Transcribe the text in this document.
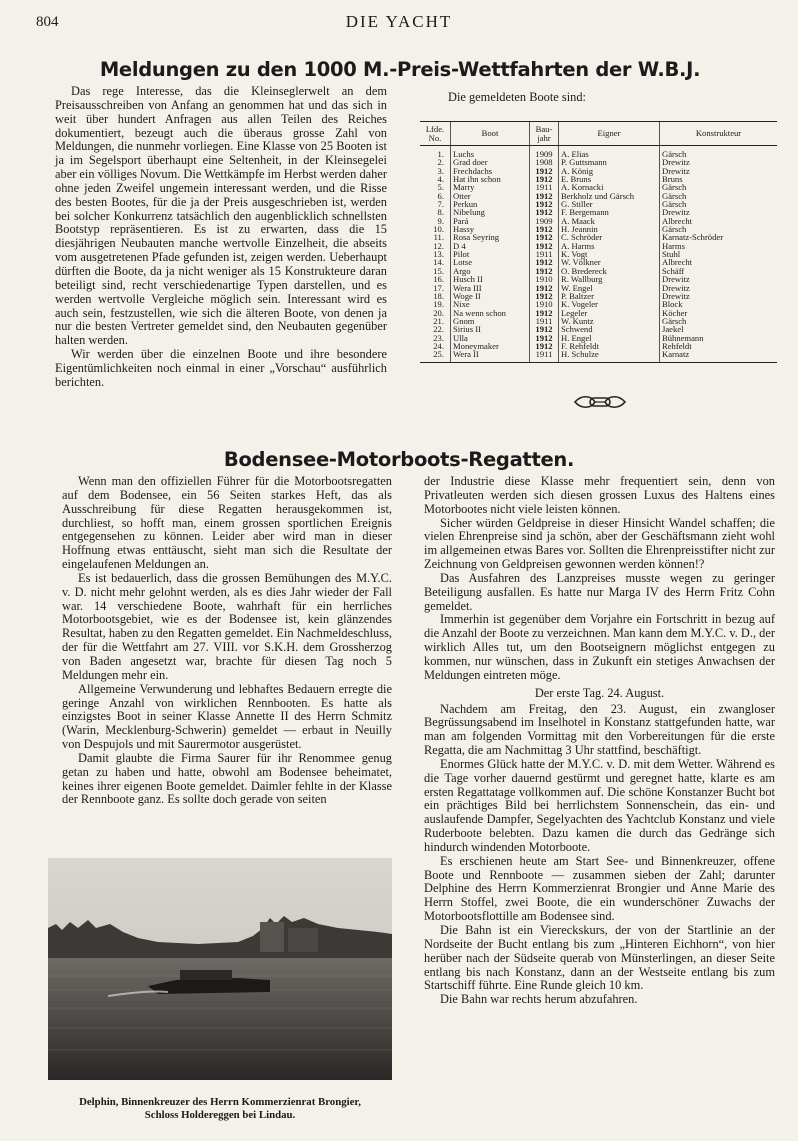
804	DIE YACHT
Meldungen zu den 1000 M.-Preis-Wettfahrten der W.B.J.

Das rege Interesse, das die Kleinseglerwelt an dem Preisausschreiben von Anfang an genommen hat und das sich in weit über hundert Anfragen aus allen Teilen des Reiches dokumentiert, bezeugt auch die überaus grosse Zahl von Meldungen, die nunmehr vorliegen. Eine Klasse von 25 Booten ist ja im Segelsport überhaupt eine Seltenheit, in der Kleinsegelei aber ein völliges Novum. Die Wettkämpfe im Herbst werden daher ohne jeden Zweifel ungemein interessant werden, und die Risse des besten Bootes, für die ja der Preis ausgeschrieben ist, werden bei solcher Konkurrenz tatsächlich den augenblicklich schnellsten Bootstyp repräsentieren. Es ist zu erwarten, dass die 15 diesjährigen Neubauten manche wertvolle Einzelheit, die abseits vom ausgetretenen Pfade gefunden ist, zeigen werden. Ueberhaupt dürften die Boote, da ja nicht weniger als 15 Konstrukteure daran beteiligt sind, recht verschiedenartige Typen darstellen, und es werden wertvolle Vergleiche möglich sein. Interessant wird es auch sein, festzustellen, wie sich die älteren Boote, von denen ja nur die besten Vertreter gemeldet sind, den Neubauten gegenüber halten werden.

Wir werden über die einzelnen Boote und ihre besondere Eigentümlichkeiten noch einmal in einer „Vorschau“ ausführlich berichten.

Die gemeldeten Boote sind:
Lfde. No.	Boot	Bau-jahr	Eigner	Konstrukteur
1.	Luchs	1909	A. Elias	Gärsch
2.	Grad doer	1908	P. Guttsmann	Drewitz
3.	Frechdachs	1912	A. König	Drewitz
4.	Hat ihn schon	1912	E. Bruns	Bruns
5.	Marry	1911	A. Kornacki	Gärsch
6.	Otter	1912	Berkholz und Gärsch	Gärsch
7.	Perkun	1912	G. Stiller	Gärsch
8.	Nibelung	1912	F. Bergemann	Drewitz
9.	Pará	1909	A. Maack	Albrecht
10.	Hassy	1912	H. Jeannin	Gärsch
11.	Rosa Seyring	1912	C. Schröder	Karnatz-Schröder
12.	D 4	1912	A. Harms	Harms
13.	Pilot	1911	K. Vogt	Stuhl
14.	Lotse	1912	W. Völkner	Albrecht
15.	Argo	1912	O. Bredereck	Schäff
16.	Husch II	1910	R. Wallburg	Drewitz
17.	Wera III	1912	W. Engel	Drewitz
18.	Woge II	1912	P. Baltzer	Drewitz
19.	Nixe	1910	K. Vogeler	Block
20.	Na wenn schon	1912	Legeler	Köcher
21.	Gnom	1911	W. Kuntz	Gärsch
22.	Sirius II	1912	Schwend	Jaekel
23.	Ulla	1912	H. Engel	Bühnemann
24.	Moneymaker	1912	F. Rehfeldt	Rehfeldt
25.	Wera II	1911	H. Schulze	Karnatz
Bodensee-Motorboots-Regatten.

Wenn man den offiziellen Führer für die Motorbootsregatten auf dem Bodensee, ein 56 Seiten starkes Heft, das als Ausschreibung für diese Regatten herausgekommen ist, durchliest, so hofft man, einem grossen sportlichen Ereignis entgegensehen zu können. Leider aber wird man in dieser Hoffnung etwas enttäuscht, sieht man sich die Resultate der eingelaufenen Meldungen an.

Es ist bedauerlich, dass die grossen Bemühungen des M.Y.C. v. D. nicht mehr gelohnt werden, als es dies Jahr wieder der Fall war. 14 verschiedene Boote, wahrhaft für ein herrliches Motorbootsgebiet, wie es der Bodensee ist, kein glänzendes Resultat, haben zu den Regatten gemeldet. Ein Nachmeldeschluss, der für die Wettfahrt am 27. VIII. vor S.K.H. dem Grossherzog von Baden angesetzt war, brachte für diesen Tag noch 5 Meldungen mehr ein.

Allgemeine Verwunderung und lebhaftes Bedauern erregte die geringe Anzahl von wirklichen Rennbooten. Es hatte als einzigstes Boot in seiner Klasse Annette II des Herrn Schmitz (Warin, Mecklenburg-Schwerin) gemeldet — erbaut in Neuilly von Despujols und mit Saurermotor ausgerüstet.

Damit glaubte die Firma Saurer für ihr Renommee genug getan zu haben und hatte, obwohl am Bodensee beheimatet, keines ihrer eigenen Boote gemeldet. Daimler fehlte in der Klasse der Rennboote ganz. Es sollte doch gerade von seiten

der Industrie diese Klasse mehr frequentiert sein, denn von Privatleuten werden sich diesen grossen Luxus des Haltens eines Motorbootes nicht viele leisten können.

Sicher würden Geldpreise in dieser Hinsicht Wandel schaffen; die vielen Ehrenpreise sind ja schön, aber der Geschäftsmann zieht wohl im allgemeinen etwas Bares vor. Sollten die Ehrenpreisstifter nicht zur Zeichnung von Geldpreisen gewonnen werden können!?

Das Ausfahren des Lanzpreises musste wegen zu geringer Beteiligung ausfallen. Es hatte nur Marga IV des Herrn Fritz Cohn gemeldet.

Immerhin ist gegenüber dem Vorjahre ein Fortschritt in bezug auf die Anzahl der Boote zu verzeichnen. Man kann dem M.Y.C. v. D., der wirklich Alles tut, um den Bootseignern möglichst entgegen zu kommen, nur wünschen, dass in Zukunft ein stetiges Anwachsen der Meldungen eintreten möge.

Der erste Tag. 24. August.

Nachdem am Freitag, den 23. August, ein zwangloser Begrüssungsabend im Inselhotel in Konstanz stattgefunden hatte, war man am folgenden Vormittag mit den Vorbereitungen für die erste Regatta, die am Nachmittag 3 Uhr stattfind, beschäftigt.

Enormes Glück hatte der M.Y.C. v. D. mit dem Wetter. Während es die Tage vorher dauernd gestürmt und geregnet hatte, klarte es am ersten Regattatage vollkommen auf. Die schöne Konstanzer Bucht bot ein prächtiges Bild bei herrlichstem Sonnenschein, das ein- und auslaufende Dampfer, Segelyachten des Yachtclub Konstanz und viele Ruderboote belebten. Dazu kamen die durch das Gedränge sich hindurch windenden Motorboote.

Es erschienen heute am Start See- und Binnenkreuzer, offene Boote und Rennboote — zusammen sieben der Zahl; darunter Delphine des Herrn Kommerzienrat Brongier und Anne Marie des Herrn Stoffel, zwei Boote, die ein wunderschöner Zuwachs der Motorbootsflottille am Bodensee sind.

Die Bahn ist ein Viereckskurs, der von der Startlinie an der Nordseite der Bucht entlang bis zum „Hinteren Eichhorn“, von hier herüber nach der Südseite querab von Münsterlingen, an dieser Seite entlang bis nach Konstanz, dann an der Westseite entlang bis zum Startschiff führte. Eine Runde gleich 10 km.

Die Bahn war rechts herum abzufahren.

Delphin, Binnenkreuzer des Herrn Kommerzienrat Brongier,
Schloss Holdereggen bei Lindau.
